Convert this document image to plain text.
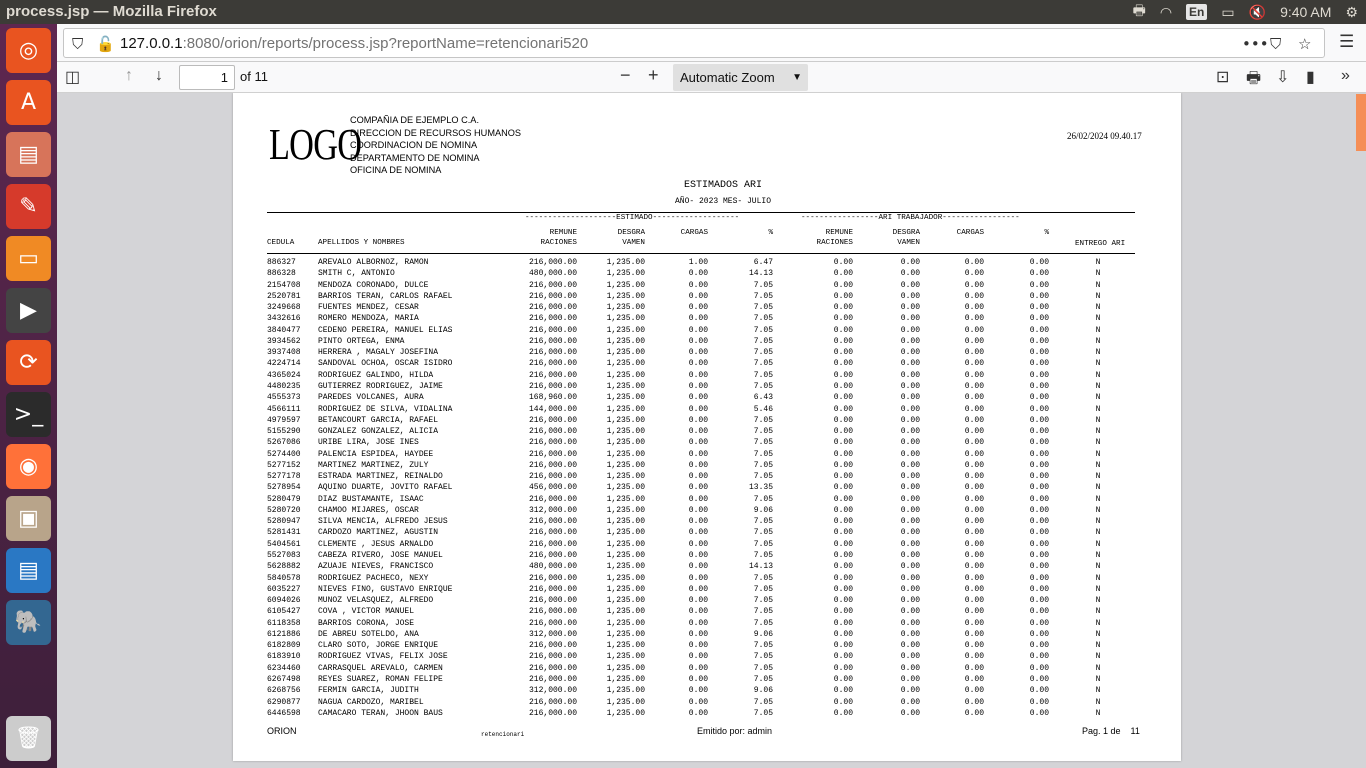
process.jsp — Mozilla Firefox	🖶 ◠ En ▭ 🔇 9:40 AM ⚙
◎
A
▤
✎
▭
▶
⟳
>_
◉
▣
▤
🐘
🗑
⛉ 🔓 127.0.0.1:8080/orion/reports/process.jsp?reportName=retencionari520	••• ⛉ ☆ ☰
◫	↑ ↓	1 of 11	− +	Automatic Zoom ▼	⊡ 🖶 ⇩ ▮ »
LOGO
COMPAÑIA DE EJEMPLO C.A.
DIRECCION DE RECURSOS HUMANOS
COORDINACION DE NOMINA
DEPARTAMENTO DE NOMINA
OFICINA DE NOMINA
26/02/2024 09.40.17
ESTIMADOS ARI
AÑO- 2023 MES- JULIO
--------------------ESTIMADO-------------------	-----------------ARI TRABAJADOR-----------------
CEDULA	APELLIDOS Y NOMBRES
REMUNE
RACIONES
DESGRA
VAMEN
CARGAS	%	REMUNE
RACIONES
DESGRA
VAMEN
CARGAS	%
ENTREGO ARI
886327	AREVALO ALBORNOZ, RAMON	216,000.00	1,235.00	1.00	6.47	0.00	0.00	0.00	0.00	N
886328	SMITH C, ANTONIO	480,000.00	1,235.00	0.00	14.13	0.00	0.00	0.00	0.00	N
2154708	MENDOZA CORONADO, DULCE	216,000.00	1,235.00	0.00	7.05	0.00	0.00	0.00	0.00	N
2520781	BARRIOS TERAN, CARLOS RAFAEL	216,000.00	1,235.00	0.00	7.05	0.00	0.00	0.00	0.00	N
3249668	FUENTES MENDEZ, CESAR	216,000.00	1,235.00	0.00	7.05	0.00	0.00	0.00	0.00	N
3432616	ROMERO MENDOZA, MARIA	216,000.00	1,235.00	0.00	7.05	0.00	0.00	0.00	0.00	N
3840477	CEDENO PEREIRA, MANUEL ELIAS	216,000.00	1,235.00	0.00	7.05	0.00	0.00	0.00	0.00	N
3934562	PINTO ORTEGA, ENMA	216,000.00	1,235.00	0.00	7.05	0.00	0.00	0.00	0.00	N
3937408	HERRERA , MAGALY JOSEFINA	216,000.00	1,235.00	0.00	7.05	0.00	0.00	0.00	0.00	N
4224714	SANDOVAL OCHOA, OSCAR ISIDRO	216,000.00	1,235.00	0.00	7.05	0.00	0.00	0.00	0.00	N
4365024	RODRIGUEZ GALINDO, HILDA	216,000.00	1,235.00	0.00	7.05	0.00	0.00	0.00	0.00	N
4480235	GUTIERREZ RODRIGUEZ, JAIME	216,000.00	1,235.00	0.00	7.05	0.00	0.00	0.00	0.00	N
4555373	PAREDES VOLCANES, AURA	168,960.00	1,235.00	0.00	6.43	0.00	0.00	0.00	0.00	N
4566111	RODRIGUEZ DE SILVA, VIDALINA	144,000.00	1,235.00	0.00	5.46	0.00	0.00	0.00	0.00	N
4979597	BETANCOURT GARCIA, RAFAEL	216,000.00	1,235.00	0.00	7.05	0.00	0.00	0.00	0.00	N
5155290	GONZALEZ GONZALEZ, ALICIA	216,000.00	1,235.00	0.00	7.05	0.00	0.00	0.00	0.00	N
5267086	URIBE LIRA, JOSE INES	216,000.00	1,235.00	0.00	7.05	0.00	0.00	0.00	0.00	N
5274400	PALENCIA ESPIDEA, HAYDEE	216,000.00	1,235.00	0.00	7.05	0.00	0.00	0.00	0.00	N
5277152	MARTINEZ MARTINEZ, ZULY	216,000.00	1,235.00	0.00	7.05	0.00	0.00	0.00	0.00	N
5277178	ESTRADA MARTINEZ, REINALDO	216,000.00	1,235.00	0.00	7.05	0.00	0.00	0.00	0.00	N
5278954	AQUINO DUARTE, JOVITO RAFAEL	456,000.00	1,235.00	0.00	13.35	0.00	0.00	0.00	0.00	N
5280479	DIAZ BUSTAMANTE, ISAAC	216,000.00	1,235.00	0.00	7.05	0.00	0.00	0.00	0.00	N
5280720	CHAMOO MIJARES, OSCAR	312,000.00	1,235.00	0.00	9.06	0.00	0.00	0.00	0.00	N
5280947	SILVA MENCIA, ALFREDO JESUS	216,000.00	1,235.00	0.00	7.05	0.00	0.00	0.00	0.00	N
5281431	CARDOZO MARTINEZ, AGUSTIN	216,000.00	1,235.00	0.00	7.05	0.00	0.00	0.00	0.00	N
5404561	CLEMENTE , JESUS ARNALDO	216,000.00	1,235.00	0.00	7.05	0.00	0.00	0.00	0.00	N
5527083	CABEZA RIVERO, JOSE MANUEL	216,000.00	1,235.00	0.00	7.05	0.00	0.00	0.00	0.00	N
5628882	AZUAJE NIEVES, FRANCISCO	480,000.00	1,235.00	0.00	14.13	0.00	0.00	0.00	0.00	N
5840578	RODRIGUEZ PACHECO, NEXY	216,000.00	1,235.00	0.00	7.05	0.00	0.00	0.00	0.00	N
6035227	NIEVES FINO, GUSTAVO ENRIQUE	216,000.00	1,235.00	0.00	7.05	0.00	0.00	0.00	0.00	N
6094026	MUNOZ VELASQUEZ, ALFREDO	216,000.00	1,235.00	0.00	7.05	0.00	0.00	0.00	0.00	N
6105427	COVA , VICTOR MANUEL	216,000.00	1,235.00	0.00	7.05	0.00	0.00	0.00	0.00	N
6118358	BARRIOS CORONA, JOSE	216,000.00	1,235.00	0.00	7.05	0.00	0.00	0.00	0.00	N
6121886	DE ABREU SOTELDO, ANA	312,000.00	1,235.00	0.00	9.06	0.00	0.00	0.00	0.00	N
6182809	CLARO SOTO, JORGE ENRIQUE	216,000.00	1,235.00	0.00	7.05	0.00	0.00	0.00	0.00	N
6183910	RODRIGUEZ VIVAS, FELIX JOSE	216,000.00	1,235.00	0.00	7.05	0.00	0.00	0.00	0.00	N
6234460	CARRASQUEL AREVALO, CARMEN	216,000.00	1,235.00	0.00	7.05	0.00	0.00	0.00	0.00	N
6267498	REYES SUAREZ, ROMAN FELIPE	216,000.00	1,235.00	0.00	7.05	0.00	0.00	0.00	0.00	N
6268756	FERMIN GARCIA, JUDITH	312,000.00	1,235.00	0.00	9.06	0.00	0.00	0.00	0.00	N
6290877	NAGUA CARDOZO, MARIBEL	216,000.00	1,235.00	0.00	7.05	0.00	0.00	0.00	0.00	N
6446598	CAMACARO TERAN, JHOON BAUS	216,000.00	1,235.00	0.00	7.05	0.00	0.00	0.00	0.00	N
ORION	retencionari	Emitido por: admin	Pag. 1 de    11
